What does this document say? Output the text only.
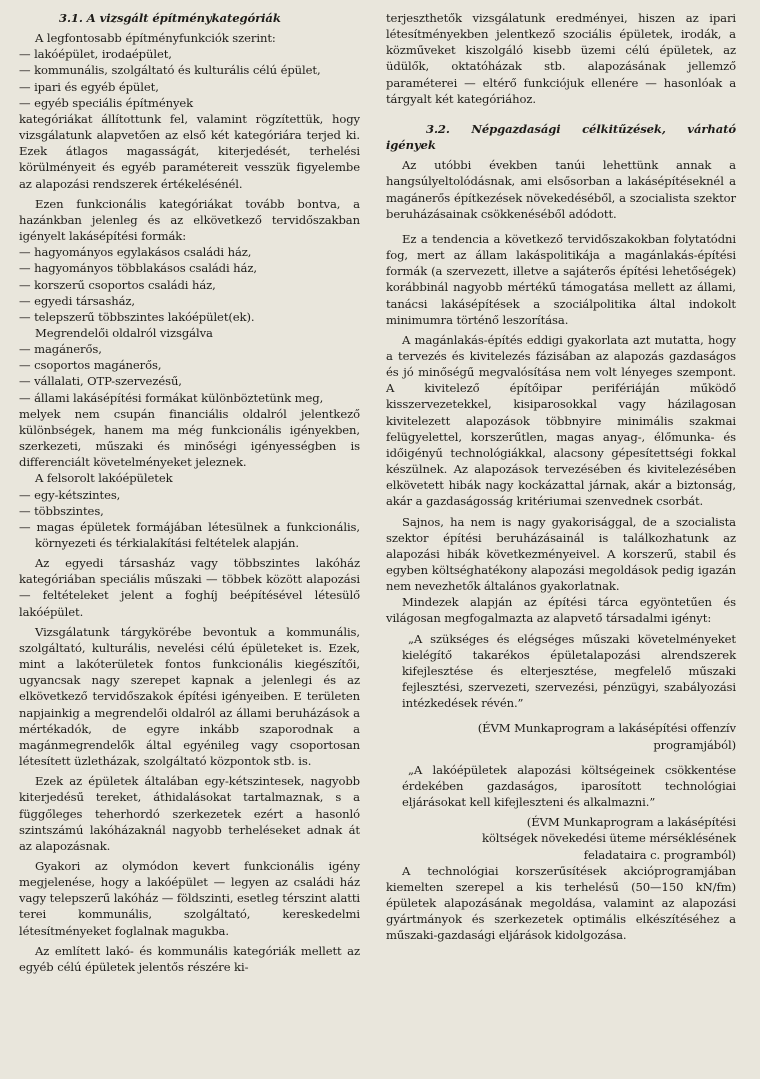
3.1. A vizsgált építménykategóriák

A legfontosabb építményfunkciók szerint:

— lakóépület, irodaépület,

— kommunális, szolgáltató és kulturális célú épület,

— ipari és egyéb épület,

— egyéb speciális építmények

kategóriákat állítottunk fel, valamint rögzítettük, hogy vizsgálatunk alapvetően az első két kategóriára terjed ki. Ezek átlagos magasságát, kiterjedését, terhelési körülményeit és egyéb paramétereit vesszük figyelembe az alapozási rendszerek értékelésénél.

Ezen funkcionális kategóriákat tovább bontva, a hazánkban jelenleg és az elkövetkező tervidőszakban igényelt lakásépítési formák:

— hagyományos egylakásos családi ház,

— hagyományos többlakásos családi ház,

— korszerű csoportos családi ház,

— egyedi társasház,

— telepszerű többszintes lakóépület(ek).

Megrendelői oldalról vizsgálva

— magánerős,

— csoportos magánerős,

— vállalati, OTP-szervezésű,

— állami lakásépítési formákat különböztetünk meg,

melyek nem csupán financiális oldalról jelentkező különbségek, hanem ma még funkcionális igényekben, szerkezeti, műszaki és minőségi igényességben is differenciált követelményeket jeleznek.

A felsorolt lakóépületek

— egy-kétszintes,

— többszintes,

— magas épületek formájában létesülnek a funkcionális, környezeti és térkialakítási feltételek alapján.

Az egyedi társasház vagy többszintes lakóház kategóriában speciális műszaki — többek között alapozási — feltételeket jelent a foghíj beépítésével létesülő lakóépület.

Vizsgálatunk tárgykörébe bevontuk a kommunális, szolgáltató, kulturális, nevelési célú épületeket is. Ezek, mint a lakóterületek fontos funkcionális kiegészítői, ugyancsak nagy szerepet kapnak a jelenlegi és az elkövetkező tervidőszakok építési igényeiben. E területen napjainkig a megrendelői oldalról az állami beruházások a mértékadók, de egyre inkább szaporodnak a magánmegrendelők által egyénileg vagy csoportosan létesített üzletházak, szolgáltató központok stb. is.

Ezek az épületek általában egy-kétszintesek, nagyobb kiterjedésű tereket, áthidalásokat tartalmaznak, s a függőleges teherhordó szerkezetek ezért a hasonló szintszámú lakóházaknál nagyobb terheléseket adnak át az alapozásnak.

Gyakori az olymódon kevert funkcionális igény megjelenése, hogy a lakóépület — legyen az családi ház vagy telepszerű lakóház — földszinti, esetleg térszint alatti terei kommunális, szolgáltató, kereskedelmi létesítményeket foglalnak magukba.

Az említett lakó- és kommunális kategóriák mellett az egyéb célú épületek jelentős részére ki-

terjeszthetők vizsgálatunk eredményei, hiszen az ipari létesítményekben jelentkező szociális épületek, irodák, a közműveket kiszolgáló kisebb üzemi célú épületek, az üdülők, oktatóházak stb. alapozásának jellemző paraméterei — eltérő funkciójuk ellenére — hasonlóak a tárgyalt két kategóriához.

3.2. Népgazdasági célkitűzések, várható igények

Az utóbbi években tanúi lehettünk annak a hangsúlyeltolódásnak, ami elsősorban a lakásépítéseknél a magánerős építkezések növekedéséből, a szocialista szektor beruházásainak csökkenéséből adódott.

Ez a tendencia a következő tervidőszakokban folytatódni fog, mert az állam lakáspolitikája a magánlakás-építési formák (a szervezett, illetve a sajáterős építési lehetőségek) korábbinál nagyobb mértékű támogatása mellett az állami, tanácsi lakásépítések a szociálpolitika által indokolt minimumra történő leszorítása.

A magánlakás-építés eddigi gyakorlata azt mutatta, hogy a tervezés és kivitelezés fázisában az alapozás gazdaságos és jó minőségű megvalósítása nem volt lényeges szempont. A kivitelező építőipar perifériáján működő kisszervezetekkel, kisiparosokkal vagy házilagosan kivitelezett alapozások többnyire minimális szakmai felügyelettel, korszerűtlen, magas anyag-, élőmunka- és időigényű technológiákkal, alacsony gépesítettségi fokkal készülnek. Az alapozások tervezésében és kivitelezésében elkövetett hibák nagy kockázattal járnak, akár a biztonság, akár a gazdaságosság kritériumai szenvednek csorbát.

Sajnos, ha nem is nagy gyakorisággal, de a szocialista szektor építési beruházásainál is találkozhatunk az alapozási hibák következményeivel. A korszerű, stabil és egyben költséghatékony alapozási megoldások pedig igazán nem nevezhetők általános gyakorlatnak.

Mindezek alapján az építési tárca egyöntetűen és világosan megfogalmazta az alapvető társadalmi igényt:

„A szükséges és elégséges műszaki követelményeket kielégítő takarékos épületalapozási alrendszerek kifejlesztése és elterjesztése, megfelelő műszaki fejlesztési, szervezeti, szervezési, pénzügyi, szabályozási intézkedések révén.”

(ÉVM Munkaprogram a lakásépítési offenzív programjából)

„A lakóépületek alapozási költségeinek csökkentése érdekében gazdaságos, iparosított technológiai eljárásokat kell kifejleszteni és alkalmazni.”

(ÉVM Munkaprogram a lakásépítési költségek növekedési üteme mérséklésének feladataira c. programból)

A technológiai korszerűsítések akcióprogramjában kiemelten szerepel a kis terhelésű (50—150 kN/fm) épületek alapozásának megoldása, valamint az alapozási gyártmányok és szerkezetek optimális elkészítéséhez a műszaki-gazdasági eljárások kidolgozása.
